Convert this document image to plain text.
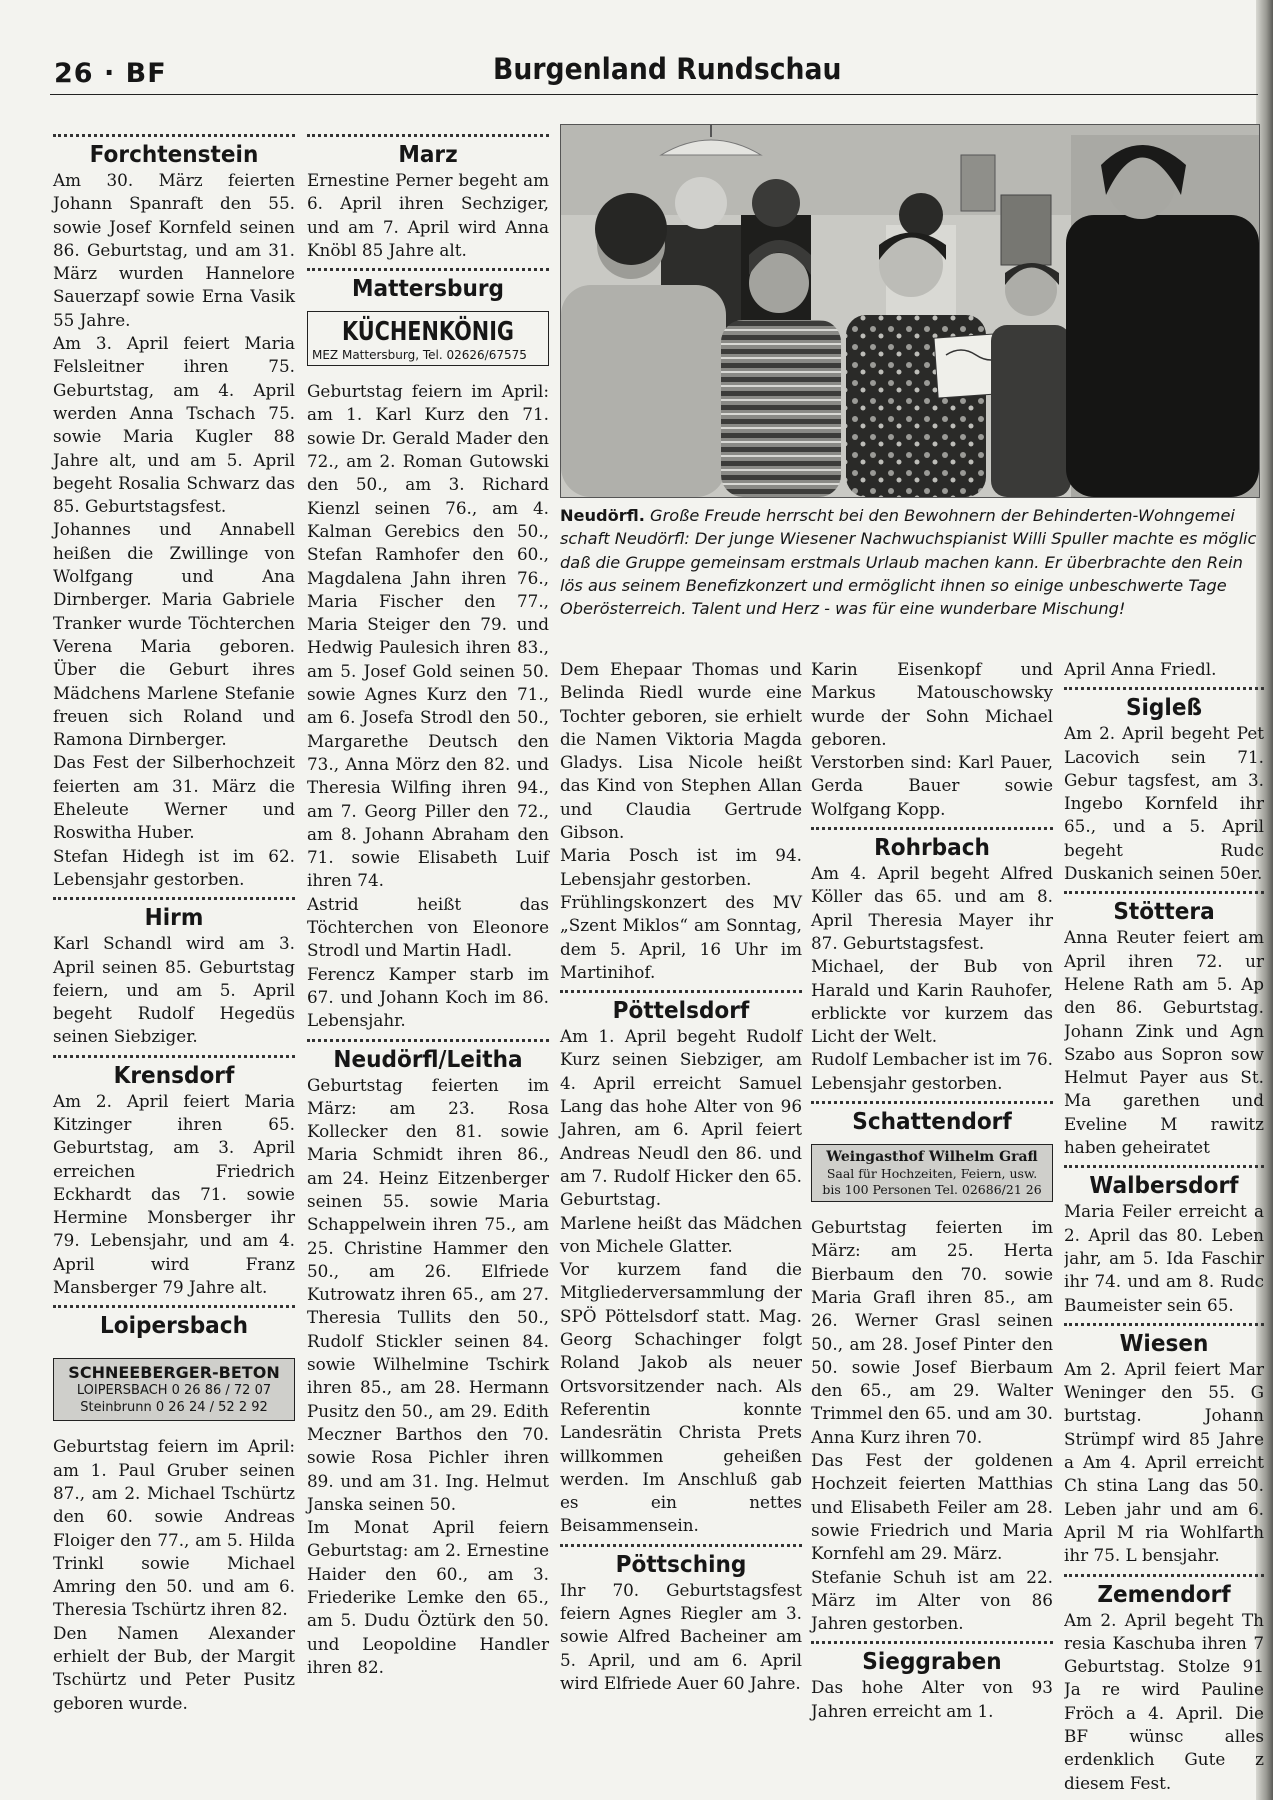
26 · BF	Burgenland Rundschau
Forchtenstein

Am 30. März feierten Johann Spanraft den 55. sowie Josef Kornfeld seinen 86. Geburtstag, und am 31. März wurden Hannelore Sauerzapf sowie Erna Vasik 55 Jahre.

Am 3. April feiert Maria Felsleitner ihren 75. Geburtstag, am 4. April werden Anna Tschach 75. sowie Maria Kugler 88 Jahre alt, und am 5. April begeht Rosalia Schwarz das 85. Geburtstagsfest.

Johannes und Annabell heißen die Zwillinge von Wolfgang und Ana Dirnberger. Maria Gabriele Tranker wurde Töchterchen Verena Maria geboren. Über die Geburt ihres Mädchens Marlene Stefanie freuen sich Roland und Ramona Dirnberger.

Das Fest der Silberhochzeit feierten am 31. März die Eheleute Werner und Roswitha Huber.

Stefan Hidegh ist im 62. Lebensjahr gestorben.

Hirm

Karl Schandl wird am 3. April seinen 85. Geburtstag feiern, und am 5. April begeht Rudolf Hegedüs seinen Siebziger.

Krensdorf

Am 2. April feiert Maria Kitzinger ihren 65. Geburtstag, am 3. April erreichen Friedrich Eckhardt das 71. sowie Hermine Monsberger ihr 79. Lebensjahr, und am 4. April wird Franz Mansberger 79 Jahre alt.

Loipersbach
SCHNEEBERGER-BETON
LOIPERSBACH 0 26 86 / 72 07
Steinbrunn 0 26 24 / 52 2 92

Geburtstag feiern im April: am 1. Paul Gruber seinen 87., am 2. Michael Tschürtz den 60. sowie Andreas Floiger den 77., am 5. Hilda Trinkl sowie Michael Amring den 50. und am 6. Theresia Tschürtz ihren 82.

Den Namen Alexander erhielt der Bub, der Margit Tschürtz und Peter Pusitz geboren wurde.

Marz

Ernestine Perner begeht am 6. April ihren Sechziger, und am 7. April wird Anna Knöbl 85 Jahre alt.

Mattersburg
KÜCHENKÖNIG
MEZ Mattersburg, Tel. 02626/67575

Geburtstag feiern im April: am 1. Karl Kurz den 71. sowie Dr. Gerald Mader den 72., am 2. Roman Gutowski den 50., am 3. Richard Kienzl seinen 76., am 4. Kalman Gerebics den 50., Stefan Ramhofer den 60., Magdalena Jahn ihren 76., Maria Fischer den 77., Maria Steiger den 79. und Hedwig Paulesich ihren 83., am 5. Josef Gold seinen 50. sowie Agnes Kurz den 71., am 6. Josefa Strodl den 50., Margarethe Deutsch den 73., Anna Mörz den 82. und Theresia Wilfing ihren 94., am 7. Georg Piller den 72., am 8. Johann Abraham den 71. sowie Elisabeth Luif ihren 74.

Astrid heißt das Töchterchen von Eleonore Strodl und Martin Hadl.

Ferencz Kamper starb im 67. und Johann Koch im 86. Lebensjahr.

Neudörfl/Leitha

Geburtstag feierten im März: am 23. Rosa Kollecker den 81. sowie Maria Schmidt ihren 86., am 24. Heinz Eitzenberger seinen 55. sowie Maria Schappelwein ihren 75., am 25. Christine Hammer den 50., am 26. Elfriede Kutrowatz ihren 65., am 27. Theresia Tullits den 50., Rudolf Stickler seinen 84. sowie Wilhelmine Tschirk ihren 85., am 28. Hermann Pusitz den 50., am 29. Edith Meczner Barthos den 70. sowie Rosa Pichler ihren 89. und am 31. Ing. Helmut Janska seinen 50.

Im Monat April feiern Geburtstag: am 2. Ernestine Haider den 60., am 3. Friederike Lemke den 65., am 5. Dudu Öztürk den 50. und Leopoldine Handler ihren 82.

Neudörfl. Große Freude herrscht bei den Bewohnern der Behinderten-Wohngemei
schaft Neudörfl: Der junge Wiesener Nachwuchspianist Willi Spuller machte es möglic
daß die Gruppe gemeinsam erstmals Urlaub machen kann. Er überbrachte den Rein
lös aus seinem Benefizkonzert und ermöglicht ihnen so einige unbeschwerte Tage
Oberösterreich. Talent und Herz - was für eine wunderbare Mischung!

Dem Ehepaar Thomas und Belinda Riedl wurde eine Tochter geboren, sie erhielt die Namen Viktoria Magda Gladys. Lisa Nicole heißt das Kind von Stephen Allan und Claudia Gertrude Gibson.

Maria Posch ist im 94. Lebensjahr gestorben.

Frühlingskonzert des MV „Szent Miklos“ am Sonntag, dem 5. April, 16 Uhr im Martinihof.

Pöttelsdorf

Am 1. April begeht Rudolf Kurz seinen Siebziger, am 4. April erreicht Samuel Lang das hohe Alter von 96 Jahren, am 6. April feiert Andreas Neudl den 86. und am 7. Rudolf Hicker den 65. Geburtstag.

Marlene heißt das Mädchen von Michele Glatter.

Vor kurzem fand die Mitgliederversammlung der SPÖ Pöttelsdorf statt. Mag. Georg Schachinger folgt Roland Jakob als neuer Ortsvorsitzender nach. Als Referentin konnte Landesrätin Christa Prets willkommen geheißen werden. Im Anschluß gab es ein nettes Beisammensein.

Pöttsching

Ihr 70. Geburtstagsfest feiern Agnes Riegler am 3. sowie Alfred Bacheiner am 5. April, und am 6. April wird Elfriede Auer 60 Jahre.

Karin Eisenkopf und Markus Matouschowsky wurde der Sohn Michael geboren.

Verstorben sind: Karl Pauer, Gerda Bauer sowie Wolfgang Kopp.

Rohrbach

Am 4. April begeht Alfred Köller das 65. und am 8. April Theresia Mayer ihr 87. Geburtstagsfest.

Michael, der Bub von Harald und Karin Rauhofer, erblickte vor kurzem das Licht der Welt.

Rudolf Lembacher ist im 76. Lebensjahr gestorben.

Schattendorf
Weingasthof Wilhelm Grafl
Saal für Hochzeiten, Feiern, usw.
bis 100 Personen Tel. 02686/21 26

Geburtstag feierten im März: am 25. Herta Bierbaum den 70. sowie Maria Grafl ihren 85., am 26. Werner Grasl seinen 50., am 28. Josef Pinter den 50. sowie Josef Bierbaum den 65., am 29. Walter Trimmel den 65. und am 30. Anna Kurz ihren 70.

Das Fest der goldenen Hochzeit feierten Matthias und Elisabeth Feiler am 28. sowie Friedrich und Maria Kornfehl am 29. März.

Stefanie Schuh ist am 22. März im Alter von 86 Jahren gestorben.

Sieggraben

Das hohe Alter von 93 Jahren erreicht am 1.

April Anna Friedl.

Sigleß

Am 2. April begeht Pet Lacovich sein 71. Gebur tagsfest, am 3. Ingebo Kornfeld ihr 65., und a 5. April begeht Rudc Duskanich seinen 50er.

Stöttera

Anna Reuter feiert am April ihren 72. ur Helene Rath am 5. Ap den 86. Geburtstag. Johann Zink und Agn Szabo aus Sopron sow Helmut Payer aus St. Ma garethen und Eveline M rawitz haben geheiratet

Walbersdorf

Maria Feiler erreicht a 2. April das 80. Leben jahr, am 5. Ida Faschir ihr 74. und am 8. Rudc Baumeister sein 65.

Wiesen

Am 2. April feiert Mar Weninger den 55. G burtstag. Johann Strümpf wird 85 Jahre a Am 4. April erreicht Ch stina Lang das 50. Leben jahr und am 6. April M ria Wohlfarth ihr 75. L bensjahr.

Zemendorf

Am 2. April begeht Th resia Kaschuba ihren 7 Geburtstag. Stolze 91 Ja re wird Pauline Fröch a 4. April. Die BF wünsc alles erdenklich Gute z diesem Fest.
